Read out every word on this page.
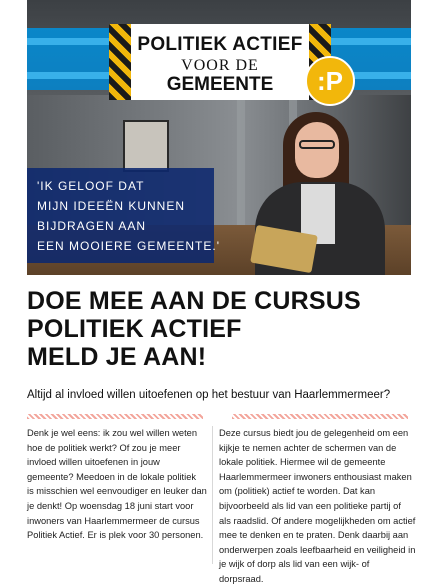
POLITIEK ACTIEF
VOOR DE
GEMEENTE	:P
'IK GELOOF DAT
MIJN IDEEËN KUNNEN
BIJDRAGEN AAN
EEN MOOIERE GEMEENTE.'
DOE MEE AAN DE CURSUS
POLITIEK ACTIEF
MELD JE AAN!
Altijd al invloed willen uitoefenen op het bestuur van Haarlemmermeer?
Denk je wel eens: ik zou wel willen weten
hoe de politiek werkt? Of zou je meer
invloed willen uitoefenen in jouw
gemeente? Meedoen in de lokale politiek
is misschien wel eenvoudiger en leuker dan
je denkt! Op woensdag 18 juni start voor
inwoners van Haarlemmermeer de cursus
Politiek Actief. Er is plek voor 30 personen.
Deze cursus biedt jou de gelegenheid om een
kijkje te nemen achter de schermen van de
lokale politiek. Hiermee wil de gemeente
Haarlemmermeer inwoners enthousiast maken
om (politiek) actief te worden. Dat kan
bijvoorbeeld als lid van een politieke partij of
als raadslid. Of andere mogelijkheden om actief
mee te denken en te praten. Denk daarbij aan
onderwerpen zoals leefbaarheid en veiligheid in
je wijk of dorp als lid van een wijk- of
dorpsraad.
